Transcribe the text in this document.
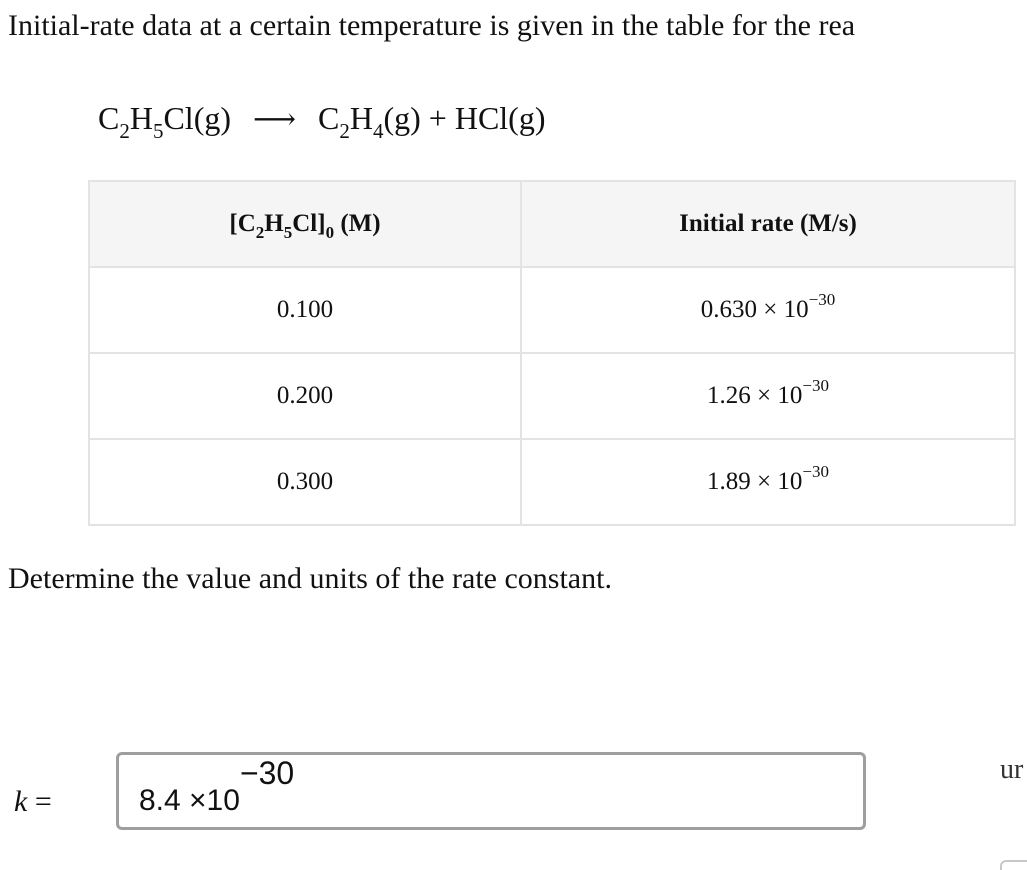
Initial-rate data at a certain temperature is given in the table for the rea
$C_2H_5Cl(g)$ ⟶ $C_2H_4(g) + HCl(g)$
$[C_2H_5Cl]_0$ (M)	Initial rate (M/s)
0.100	$0.630 \times 10^{-30}$
0.200	$1.26 \times 10^{-30}$
0.300	$1.89 \times 10^{-30}$
Determine the value and units of the rate constant.
k =	8.4 ×10−30	ur
